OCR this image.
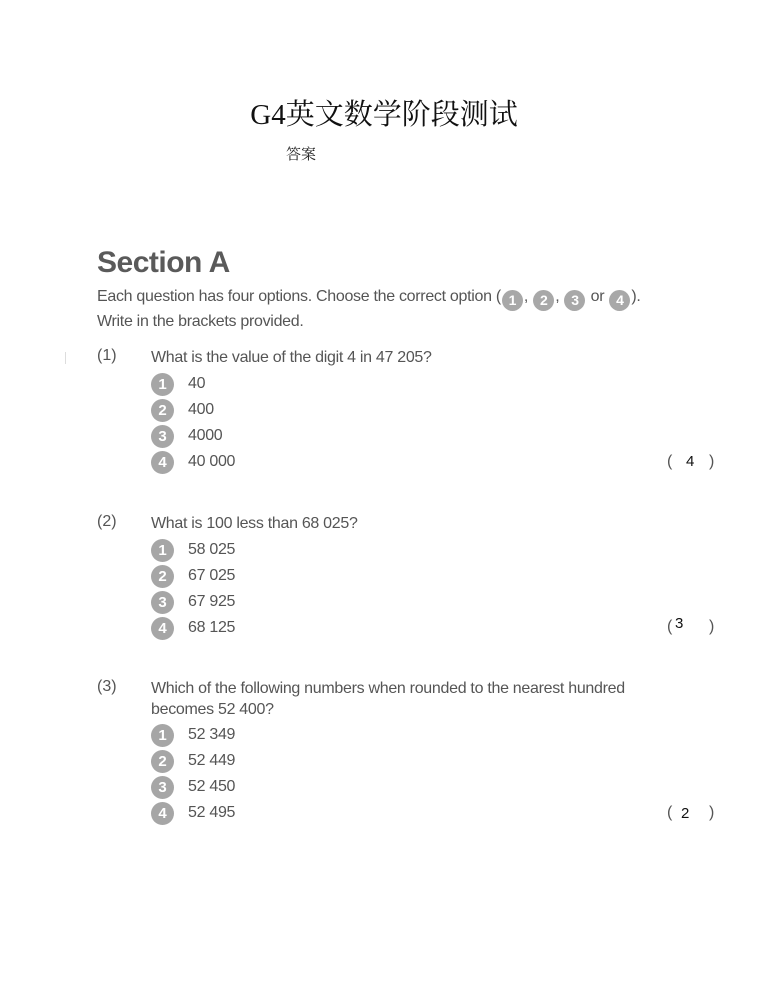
G4英文数学阶段测试
答案
Section A
Each question has four options. Choose the correct option ( 1 , 2 , 3 or 4 ).
Write in the brackets provided.
(1) What is the value of the digit 4 in 47 205?
1	40
2	400
3	4000
4	40 000	( 4 )
(2) What is 100 less than 68 025?
1	58 025
2	67 025
3	67 925
4	68 125	( 3 )
(3) Which of the following numbers when rounded to the nearest hundred becomes 52 400?
1	52 349
2	52 449
3	52 450
4	52 495	( 2 )
